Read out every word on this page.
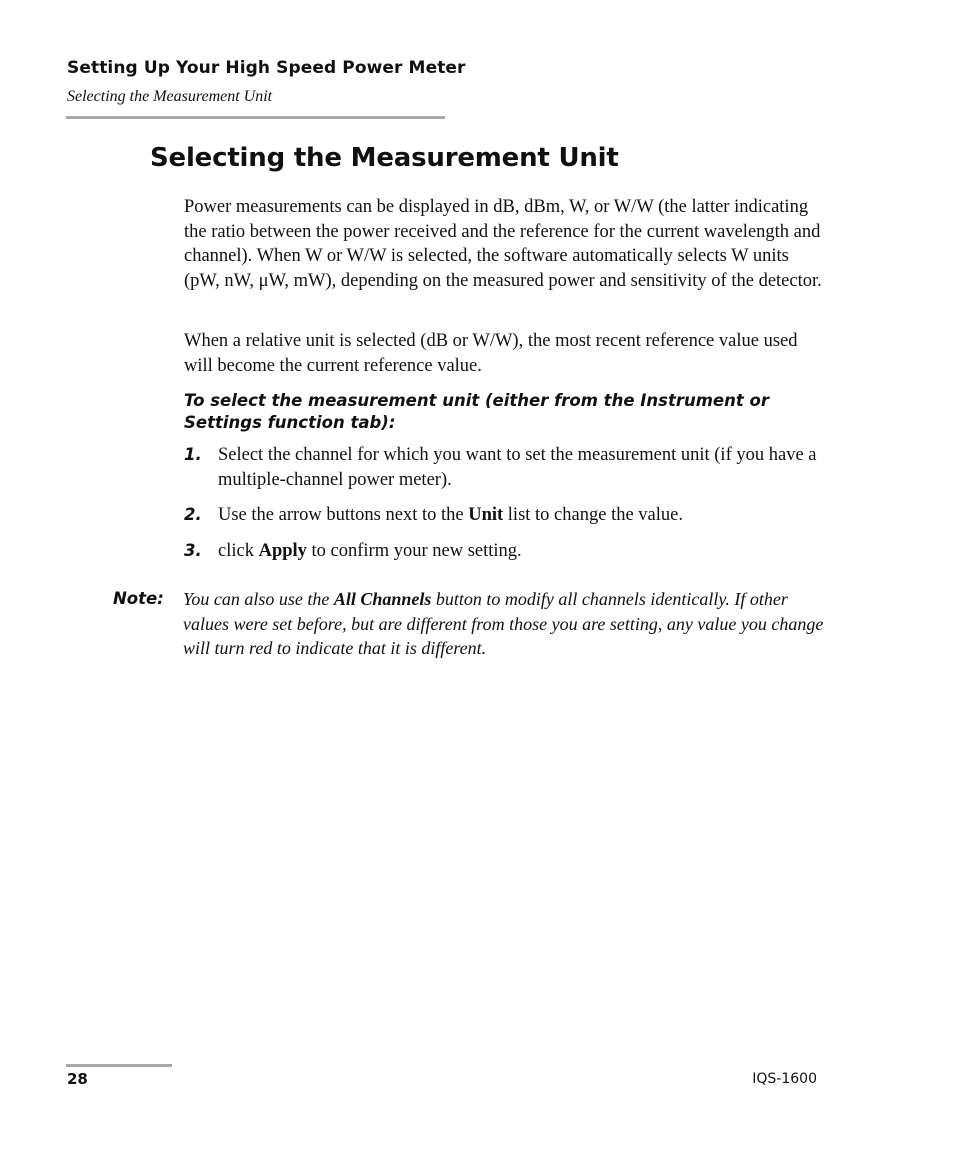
Setting Up Your High Speed Power Meter
Selecting the Measurement Unit
Selecting the Measurement Unit

Power measurements can be displayed in dB, dBm, W, or W/W (the latter indicating the ratio between the power received and the reference for the current wavelength and channel). When W or W/W is selected, the software automatically selects W units (pW, nW, μW, mW), depending on the measured power and sensitivity of the detector.

When a relative unit is selected (dB or W/W), the most recent reference value used will become the current reference value.

To select the measurement unit (either from the Instrument or Settings function tab):

1. Select the channel for which you want to set the measurement unit (if you have a multiple-channel power meter).
2. Use the arrow buttons next to the Unit list to change the value.
3. click Apply to confirm your new setting.
Note: You can also use the All Channels button to modify all channels identically. If other values were set before, but are different from those you are setting, any value you change will turn red to indicate that it is different.

28	IQS-1600
